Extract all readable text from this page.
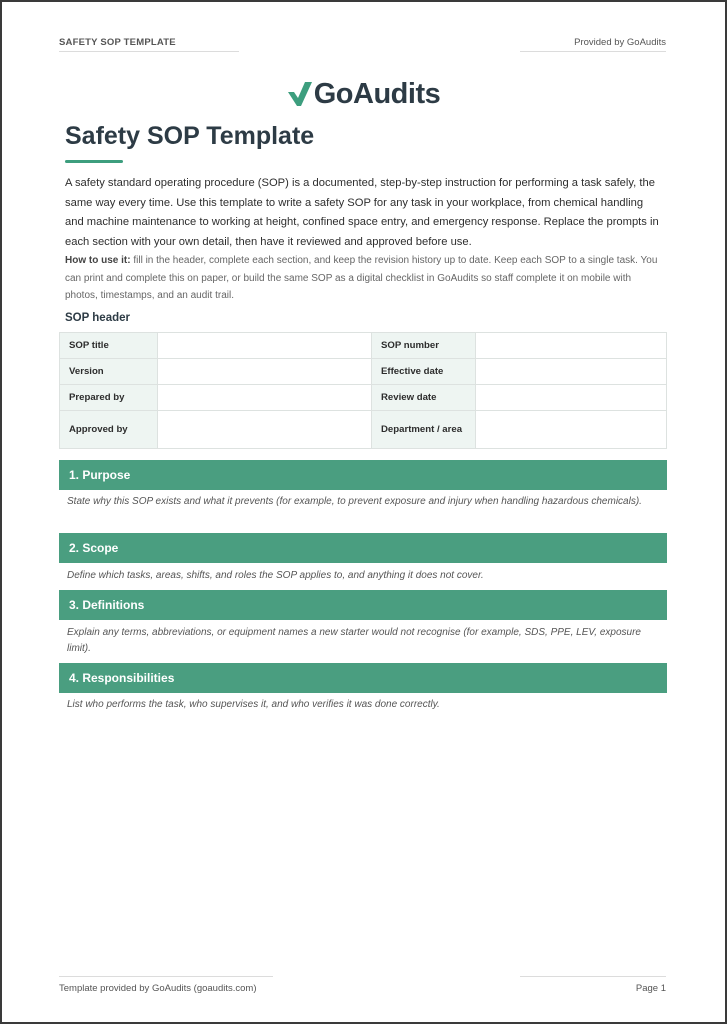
SAFETY SOP TEMPLATE	Provided by GoAudits
GoAudits
Safety SOP Template
A safety standard operating procedure (SOP) is a documented, step-by-step instruction for performing a task safely, the same way every time. Use this template to write a safety SOP for any task in your workplace, from chemical handling and machine maintenance to working at height, confined space entry, and emergency response. Replace the prompts in each section with your own detail, then have it reviewed and approved before use.
How to use it: fill in the header, complete each section, and keep the revision history up to date. Keep each SOP to a single task. You can print and complete this on paper, or build the same SOP as a digital checklist in GoAudits so staff complete it on mobile with photos, timestamps, and an audit trail.
SOP header
SOP title		SOP number	
Version		Effective date	
Prepared by		Review date	
Approved by		Department / area	
1. Purpose
State why this SOP exists and what it prevents (for example, to prevent exposure and injury when handling hazardous chemicals).
2. Scope
Define which tasks, areas, shifts, and roles the SOP applies to, and anything it does not cover.
3. Definitions
Explain any terms, abbreviations, or equipment names a new starter would not recognise (for example, SDS, PPE, LEV, exposure limit).
4. Responsibilities
List who performs the task, who supervises it, and who verifies it was done correctly.
Template provided by GoAudits (goaudits.com)	Page 1
